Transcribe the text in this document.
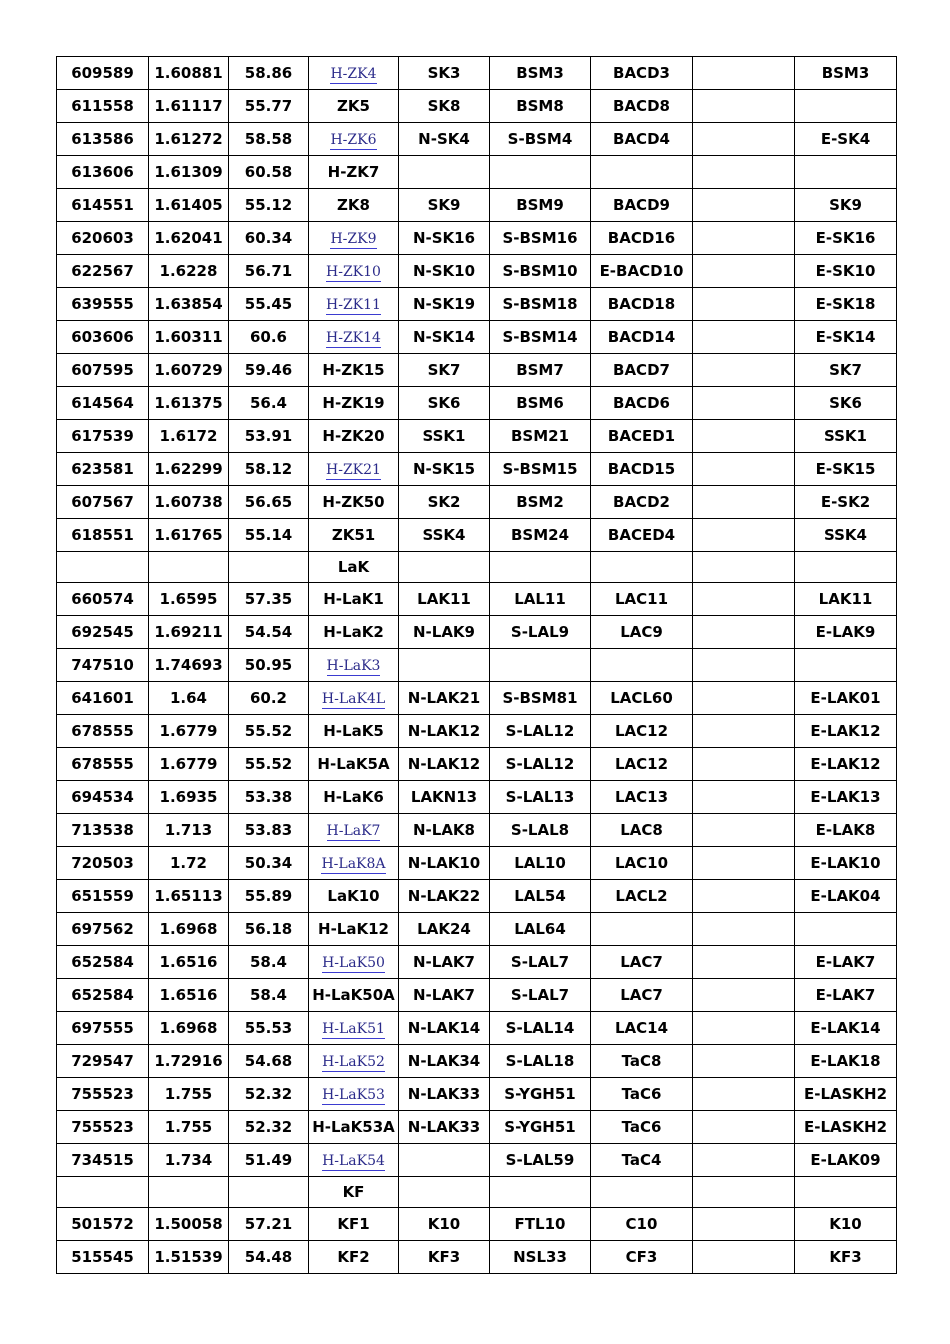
609589	1.60881	58.86	H-ZK4	SK3	BSM3	BACD3		BSM3
611558	1.61117	55.77	ZK5	SK8	BSM8	BACD8		
613586	1.61272	58.58	H-ZK6	N-SK4	S-BSM4	BACD4		E-SK4
613606	1.61309	60.58	H-ZK7					
614551	1.61405	55.12	ZK8	SK9	BSM9	BACD9		SK9
620603	1.62041	60.34	H-ZK9	N-SK16	S-BSM16	BACD16		E-SK16
622567	1.6228	56.71	H-ZK10	N-SK10	S-BSM10	E-BACD10		E-SK10
639555	1.63854	55.45	H-ZK11	N-SK19	S-BSM18	BACD18		E-SK18
603606	1.60311	60.6	H-ZK14	N-SK14	S-BSM14	BACD14		E-SK14
607595	1.60729	59.46	H-ZK15	SK7	BSM7	BACD7		SK7
614564	1.61375	56.4	H-ZK19	SK6	BSM6	BACD6		SK6
617539	1.6172	53.91	H-ZK20	SSK1	BSM21	BACED1		SSK1
623581	1.62299	58.12	H-ZK21	N-SK15	S-BSM15	BACD15		E-SK15
607567	1.60738	56.65	H-ZK50	SK2	BSM2	BACD2		E-SK2
618551	1.61765	55.14	ZK51	SSK4	BSM24	BACED4		SSK4
			LaK					
660574	1.6595	57.35	H-LaK1	LAK11	LAL11	LAC11		LAK11
692545	1.69211	54.54	H-LaK2	N-LAK9	S-LAL9	LAC9		E-LAK9
747510	1.74693	50.95	H-LaK3					
641601	1.64	60.2	H-LaK4L	N-LAK21	S-BSM81	LACL60		E-LAK01
678555	1.6779	55.52	H-LaK5	N-LAK12	S-LAL12	LAC12		E-LAK12
678555	1.6779	55.52	H-LaK5A	N-LAK12	S-LAL12	LAC12		E-LAK12
694534	1.6935	53.38	H-LaK6	LAKN13	S-LAL13	LAC13		E-LAK13
713538	1.713	53.83	H-LaK7	N-LAK8	S-LAL8	LAC8		E-LAK8
720503	1.72	50.34	H-LaK8A	N-LAK10	LAL10	LAC10		E-LAK10
651559	1.65113	55.89	LaK10	N-LAK22	LAL54	LACL2		E-LAK04
697562	1.6968	56.18	H-LaK12	LAK24	LAL64			
652584	1.6516	58.4	H-LaK50	N-LAK7	S-LAL7	LAC7		E-LAK7
652584	1.6516	58.4	H-LaK50A	N-LAK7	S-LAL7	LAC7		E-LAK7
697555	1.6968	55.53	H-LaK51	N-LAK14	S-LAL14	LAC14		E-LAK14
729547	1.72916	54.68	H-LaK52	N-LAK34	S-LAL18	TaC8		E-LAK18
755523	1.755	52.32	H-LaK53	N-LAK33	S-YGH51	TaC6		E-LASKH2
755523	1.755	52.32	H-LaK53A	N-LAK33	S-YGH51	TaC6		E-LASKH2
734515	1.734	51.49	H-LaK54		S-LAL59	TaC4		E-LAK09
			KF					
501572	1.50058	57.21	KF1	K10	FTL10	C10		K10
515545	1.51539	54.48	KF2	KF3	NSL33	CF3		KF3
